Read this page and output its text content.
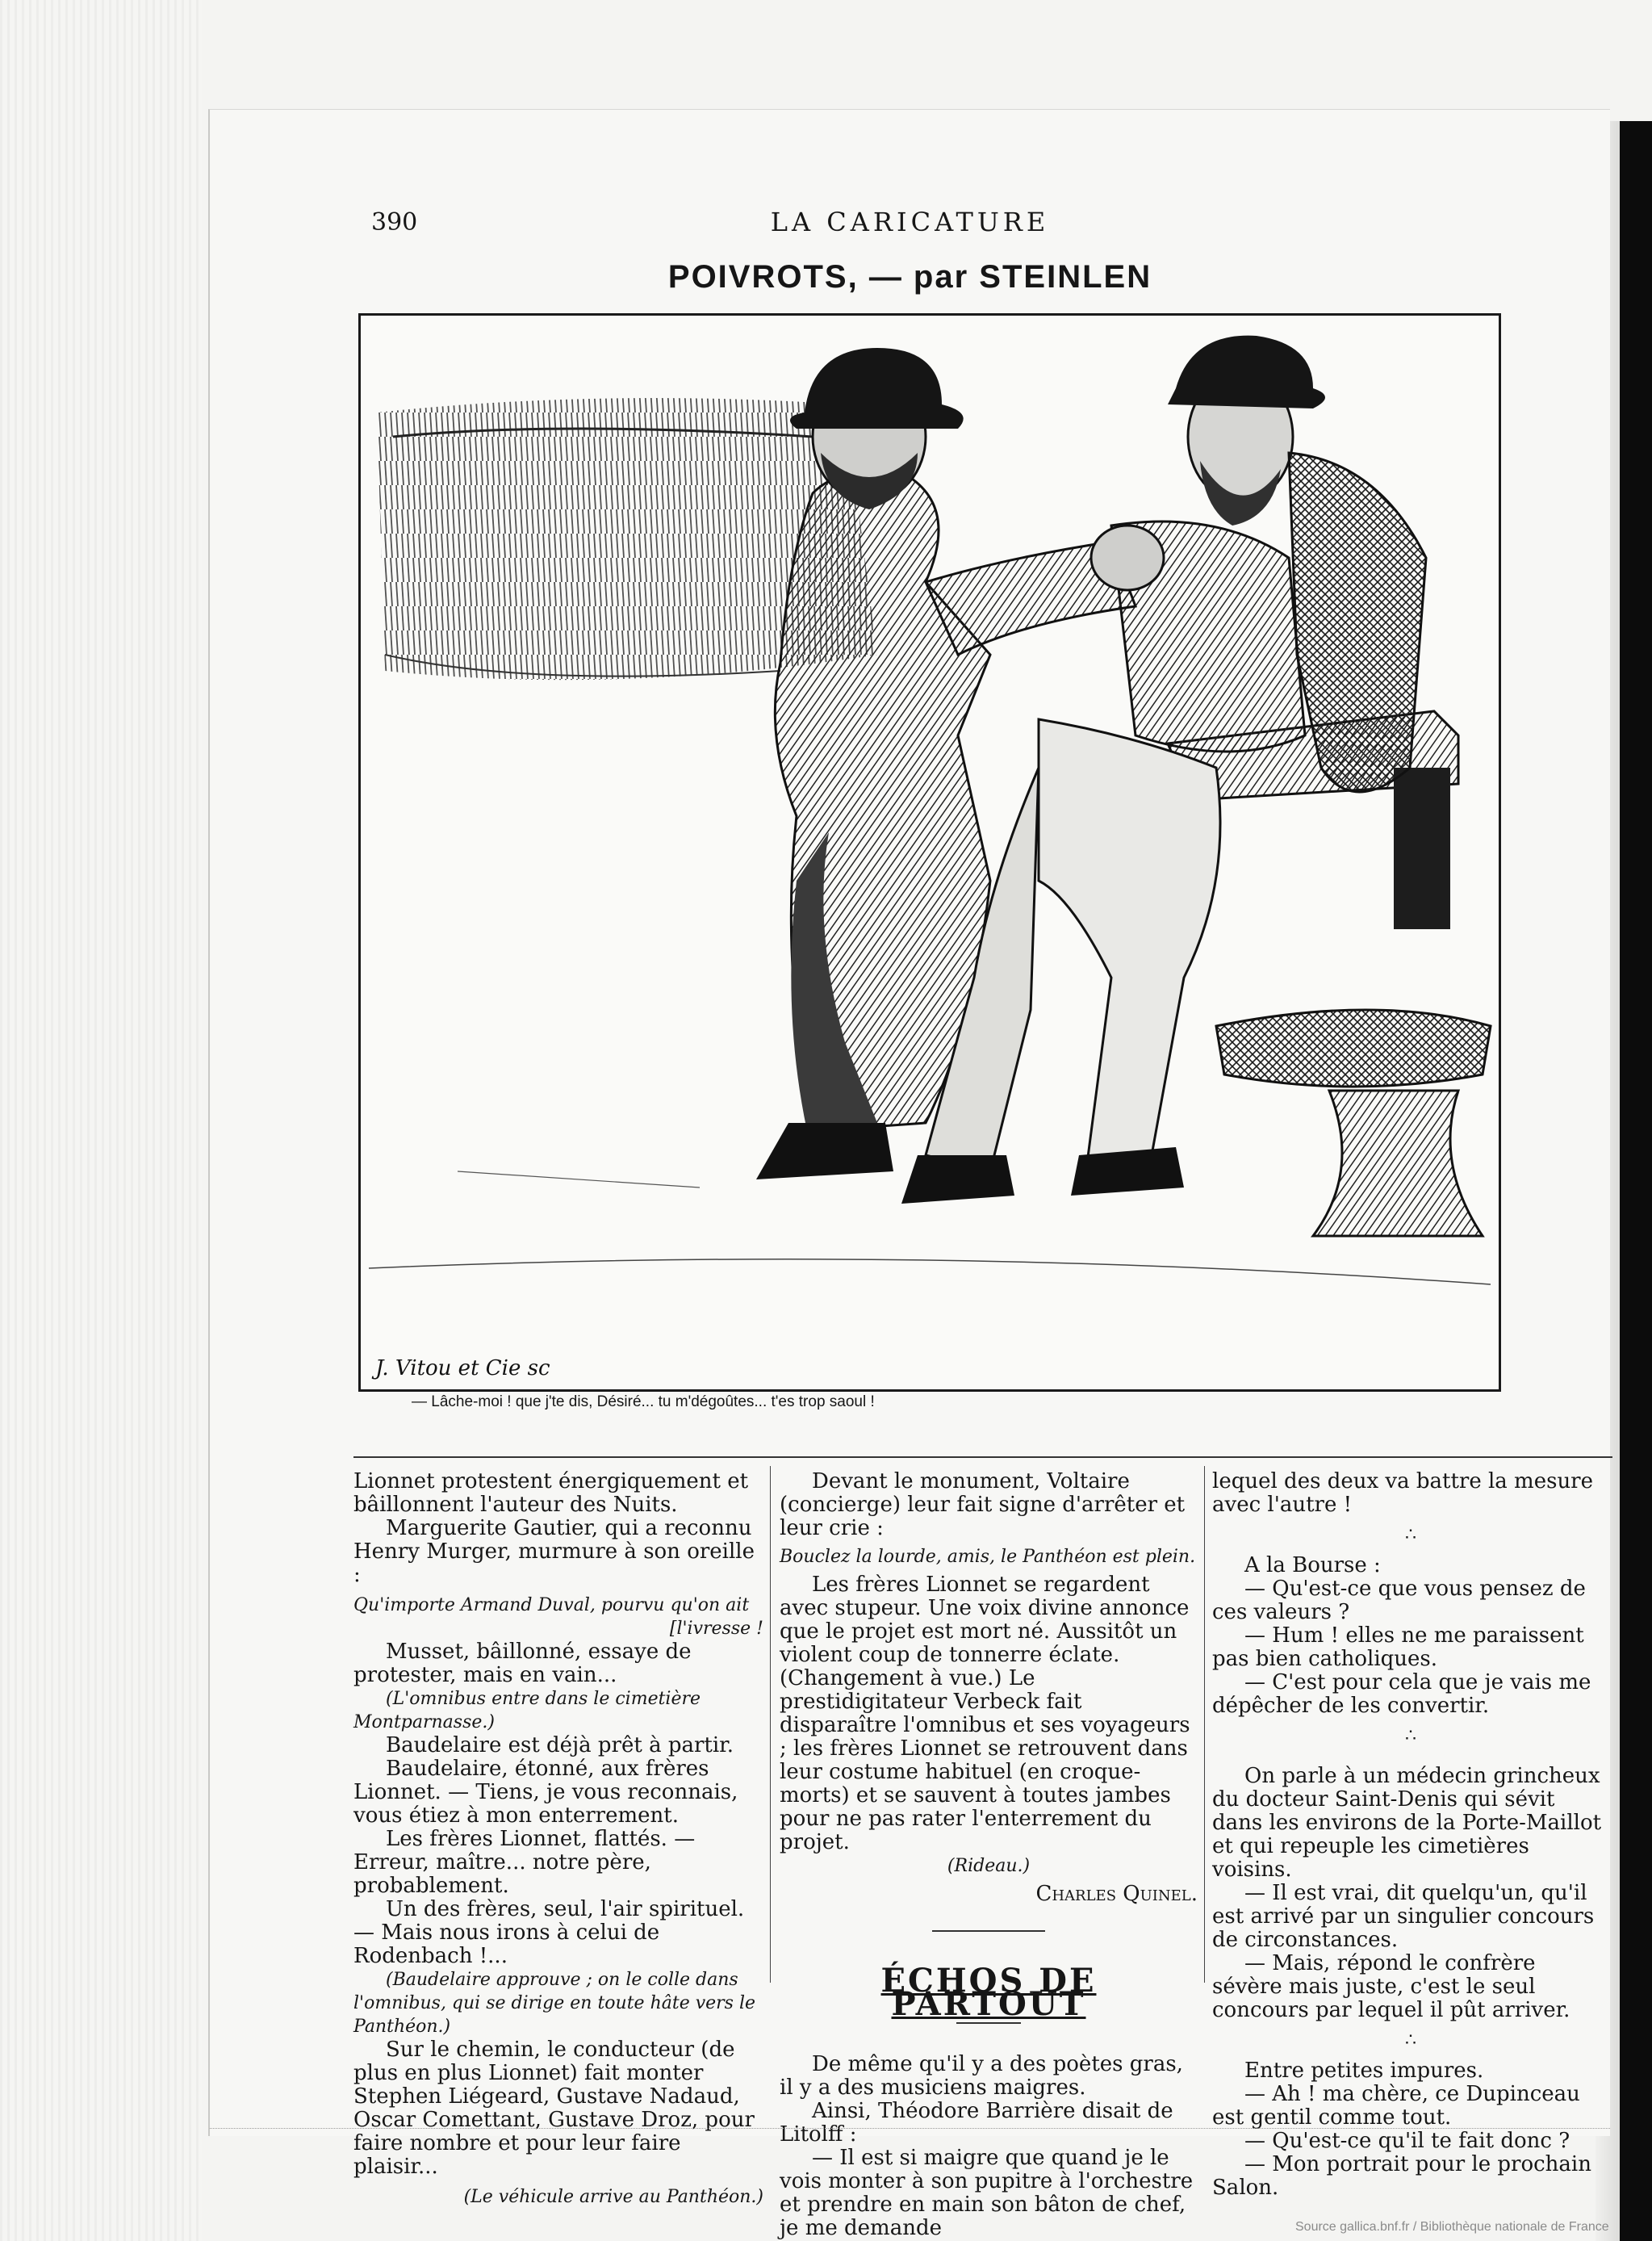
390	LA CARICATURE
POIVROTS, — par STEINLEN
J. Vitou et Cie sc
— Lâche-moi ! que j'te dis, Désiré... tu m'dégoûtes... t'es trop saoul !

Lionnet protestent énergiquement et bâillonnent l'auteur des Nuits.

Marguerite Gautier, qui a reconnu Henry Murger, murmure à son oreille :

Qu'importe Armand Duval, pourvu qu'on ait

[l'ivresse !

Musset, bâillonné, essaye de protester, mais en vain...

(L'omnibus entre dans le cimetière Montparnasse.)

Baudelaire est déjà prêt à partir.

Baudelaire, étonné, aux frères Lionnet. — Tiens, je vous reconnais, vous étiez à mon enterrement.

Les frères Lionnet, flattés. — Erreur, maître... notre père, probablement.

Un des frères, seul, l'air spirituel. — Mais nous irons à celui de Rodenbach !...

(Baudelaire approuve ; on le colle dans l'omnibus, qui se dirige en toute hâte vers le Panthéon.)

Sur le chemin, le conducteur (de plus en plus Lionnet) fait monter Stephen Liégeard, Gustave Nadaud, Oscar Comettant, Gustave Droz, pour faire nombre et pour leur faire plaisir...

(Le véhicule arrive au Panthéon.)

Devant le monument, Voltaire (concierge) leur fait signe d'arrêter et leur crie :

Bouclez la lourde, amis, le Panthéon est plein.

Les frères Lionnet se regardent avec stupeur. Une voix divine annonce que le projet est mort né. Aussitôt un violent coup de tonnerre éclate. (Changement à vue.) Le prestidigitateur Verbeck fait disparaître l'omnibus et ses voyageurs ; les frères Lionnet se retrouvent dans leur costume habituel (en croque-morts) et se sauvent à toutes jambes pour ne pas rater l'enterrement du projet.

(Rideau.)

Charles Quinel.

ÉCHOS DE PARTOUT

De même qu'il y a des poètes gras, il y a des musiciens maigres.

Ainsi, Théodore Barrière disait de Litolff :

— Il est si maigre que quand je le vois monter à son pupitre à l'orchestre et prendre en main son bâton de chef, je me demande

lequel des deux va battre la mesure avec l'autre !

∴

A la Bourse :

— Qu'est-ce que vous pensez de ces valeurs ?

— Hum ! elles ne me paraissent pas bien catholiques.

— C'est pour cela que je vais me dépêcher de les convertir.

∴

On parle à un médecin grincheux du docteur Saint-Denis qui sévit dans les environs de la Porte-Maillot et qui repeuple les cimetières voisins.

— Il est vrai, dit quelqu'un, qu'il est arrivé par un singulier concours de circonstances.

— Mais, répond le confrère sévère mais juste, c'est le seul concours par lequel il pût arriver.

∴

Entre petites impures.

— Ah ! ma chère, ce Dupinceau est gentil comme tout.

— Qu'est-ce qu'il te fait donc ?

— Mon portrait pour le prochain Salon.

Source gallica.bnf.fr / Bibliothèque nationale de France
